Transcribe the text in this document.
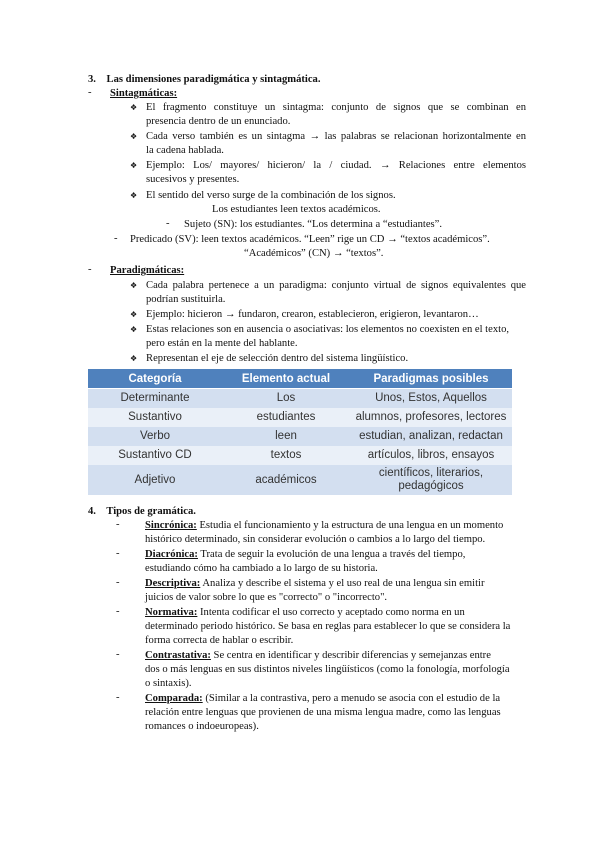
3.    Las dimensiones paradigmática y sintagmática.
- Sintagmáticas:
❖ El fragmento constituye un sintagma: conjunto de signos que se combinan en
presencia dentro de un enunciado.
❖ Cada verso también es un sintagma → las palabras se relacionan horizontalmente en
la cadena hablada.
❖ Ejemplo: Los/ mayores/ hicieron/ la / ciudad. → Relaciones entre elementos
sucesivos y presentes.
❖ El sentido del verso surge de la combinación de los signos.
Los estudiantes leen textos académicos.
- Sujeto (SN): los estudiantes. “Los determina a “estudiantes”.
- Predicado (SV): leen textos académicos. “Leen” rige un CD → “textos académicos”.
“Académicos” (CN) → “textos”.
- Paradigmáticas:
❖ Cada palabra pertenece a un paradigma: conjunto virtual de signos equivalentes que
podrían sustituirla.
❖ Ejemplo: hicieron → fundaron, crearon, establecieron, erigieron, levantaron…
❖ Estas relaciones son en ausencia o asociativas: los elementos no coexisten en el texto,
pero están en la mente del hablante.
❖ Representan el eje de selección dentro del sistema lingüístico.
Categoría	Elemento actual	Paradigmas posibles
Determinante	Los	Unos, Estos, Aquellos
Sustantivo	estudiantes	alumnos, profesores, lectores
Verbo	leen	estudian, analizan, redactan
Sustantivo CD	textos	artículos, libros, ensayos
Adjetivo	académicos	científicos, literarios, pedagógicos
4.    Tipos de gramática.
- Sincrónica: Estudia el funcionamiento y la estructura de una lengua en un momento
histórico determinado, sin considerar evolución o cambios a lo largo del tiempo.
- Diacrónica: Trata de seguir la evolución de una lengua a través del tiempo,
estudiando cómo ha cambiado a lo largo de su historia.
- Descriptiva: Analiza y describe el sistema y el uso real de una lengua sin emitir
juicios de valor sobre lo que es "correcto" o "incorrecto".
- Normativa: Intenta codificar el uso correcto y aceptado como norma en un
determinado periodo histórico. Se basa en reglas para establecer lo que se considera la
forma correcta de hablar o escribir.
- Contrastativa: Se centra en identificar y describir diferencias y semejanzas entre
dos o más lenguas en sus distintos niveles lingüísticos (como la fonología, morfología
o sintaxis).
- Comparada: (Similar a la contrastiva, pero a menudo se asocia con el estudio de la
relación entre lenguas que provienen de una misma lengua madre, como las lenguas
romances o indoeuropeas).
